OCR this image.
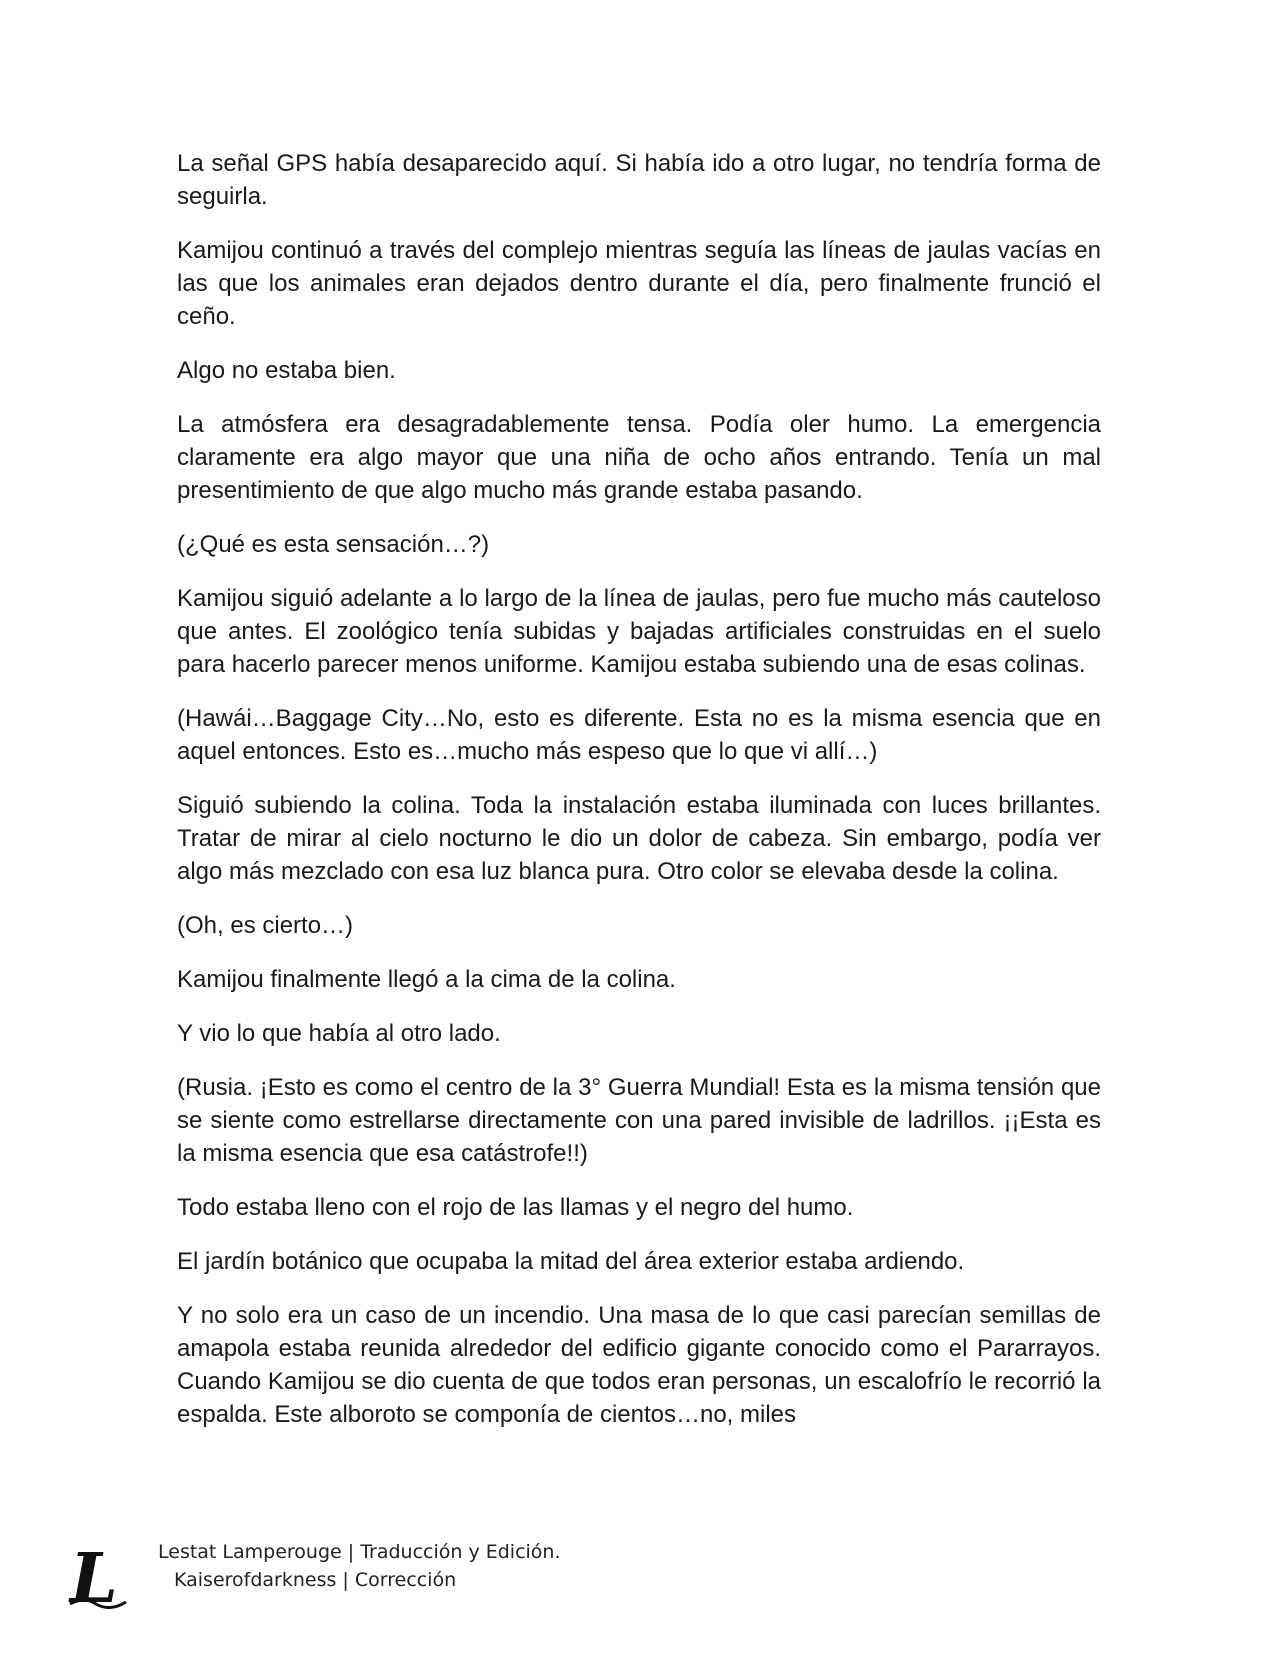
La señal GPS había desaparecido aquí. Si había ido a otro lugar, no tendría forma de seguirla.

Kamijou continuó a través del complejo mientras seguía las líneas de jaulas vacías en las que los animales eran dejados dentro durante el día, pero finalmente frunció el ceño.

Algo no estaba bien.

La atmósfera era desagradablemente tensa. Podía oler humo. La emergencia claramente era algo mayor que una niña de ocho años entrando. Tenía un mal presentimiento de que algo mucho más grande estaba pasando.

(¿Qué es esta sensación…?)

Kamijou siguió adelante a lo largo de la línea de jaulas, pero fue mucho más cauteloso que antes. El zoológico tenía subidas y bajadas artificiales construidas en el suelo para hacerlo parecer menos uniforme. Kamijou estaba subiendo una de esas colinas.

(Hawái…Baggage City…No, esto es diferente. Esta no es la misma esencia que en aquel entonces. Esto es…mucho más espeso que lo que vi allí…)

Siguió subiendo la colina. Toda la instalación estaba iluminada con luces brillantes. Tratar de mirar al cielo nocturno le dio un dolor de cabeza. Sin embargo, podía ver algo más mezclado con esa luz blanca pura. Otro color se elevaba desde la colina.

(Oh, es cierto…)

Kamijou finalmente llegó a la cima de la colina.

Y vio lo que había al otro lado.

(Rusia. ¡Esto es como el centro de la 3° Guerra Mundial! Esta es la misma tensión que se siente como estrellarse directamente con una pared invisible de ladrillos. ¡¡Esta es la misma esencia que esa catástrofe!!)

Todo estaba lleno con el rojo de las llamas y el negro del humo.

El jardín botánico que ocupaba la mitad del área exterior estaba ardiendo.

Y no solo era un caso de un incendio. Una masa de lo que casi parecían semillas de amapola estaba reunida alrededor del edificio gigante conocido como el Pararrayos. Cuando Kamijou se dio cuenta de que todos eran personas, un escalofrío le recorrió la espalda. Este alboroto se componía de cientos…no, miles

L Lestat Lamperouge | Traducción y Edición.
Kaiserofdarkness | Corrección
